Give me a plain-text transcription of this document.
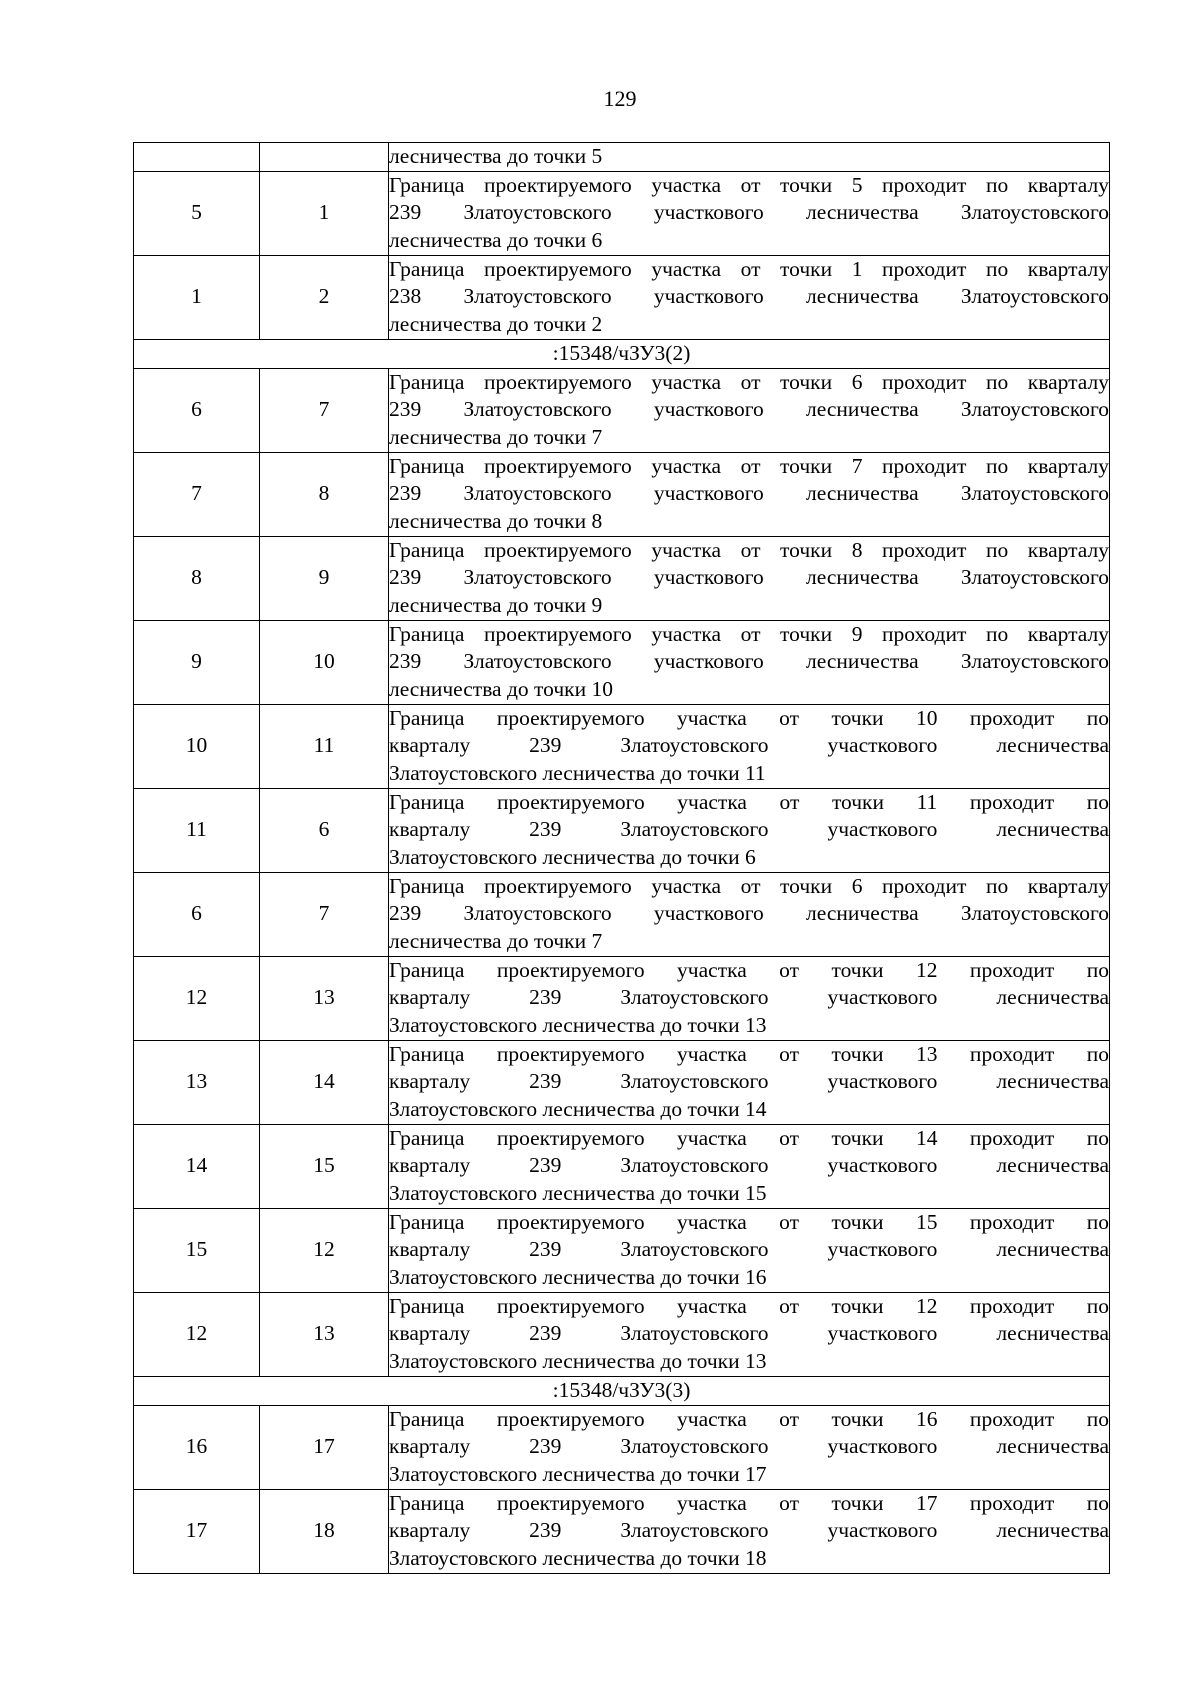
129

		лесничества до точки 5

5	1	Граница проектируемого участка от точки 5 проходит по кварталу
239 Златоустовского участкового лесничества Златоустовского
лесничества до точки 6

1	2	Граница проектируемого участка от точки 1 проходит по кварталу
238 Златоустовского участкового лесничества Златоустовского
лесничества до точки 2

:15348/чЗУ3(2)		
6	7	Граница проектируемого участка от точки 6 проходит по кварталу
239 Златоустовского участкового лесничества Златоустовского
лесничества до точки 7

7	8	Граница проектируемого участка от точки 7 проходит по кварталу
239 Златоустовского участкового лесничества Златоустовского
лесничества до точки 8

8	9	Граница проектируемого участка от точки 8 проходит по кварталу
239 Златоустовского участкового лесничества Златоустовского
лесничества до точки 9

9	10	Граница проектируемого участка от точки 9 проходит по кварталу
239 Златоустовского участкового лесничества Златоустовского
лесничества до точки 10

10	11	Граница проектируемого участка от точки 10 проходит по
кварталу 239 Златоустовского участкового лесничества
Златоустовского лесничества до точки 11

11	6	Граница проектируемого участка от точки 11 проходит по
кварталу 239 Златоустовского участкового лесничества
Златоустовского лесничества до точки 6

6	7	Граница проектируемого участка от точки 6 проходит по кварталу
239 Златоустовского участкового лесничества Златоустовского
лесничества до точки 7

12	13	Граница проектируемого участка от точки 12 проходит по
кварталу 239 Златоустовского участкового лесничества
Златоустовского лесничества до точки 13

13	14	Граница проектируемого участка от точки 13 проходит по
кварталу 239 Златоустовского участкового лесничества
Златоустовского лесничества до точки 14

14	15	Граница проектируемого участка от точки 14 проходит по
кварталу 239 Златоустовского участкового лесничества
Златоустовского лесничества до точки 15

15	12	Граница проектируемого участка от точки 15 проходит по
кварталу 239 Златоустовского участкового лесничества
Златоустовского лесничества до точки 16

12	13	Граница проектируемого участка от точки 12 проходит по
кварталу 239 Златоустовского участкового лесничества
Златоустовского лесничества до точки 13

:15348/чЗУ3(3)		
16	17	Граница проектируемого участка от точки 16 проходит по
кварталу 239 Златоустовского участкового лесничества
Златоустовского лесничества до точки 17

17	18	Граница проектируемого участка от точки 17 проходит по
кварталу 239 Златоустовского участкового лесничества
Златоустовского лесничества до точки 18
